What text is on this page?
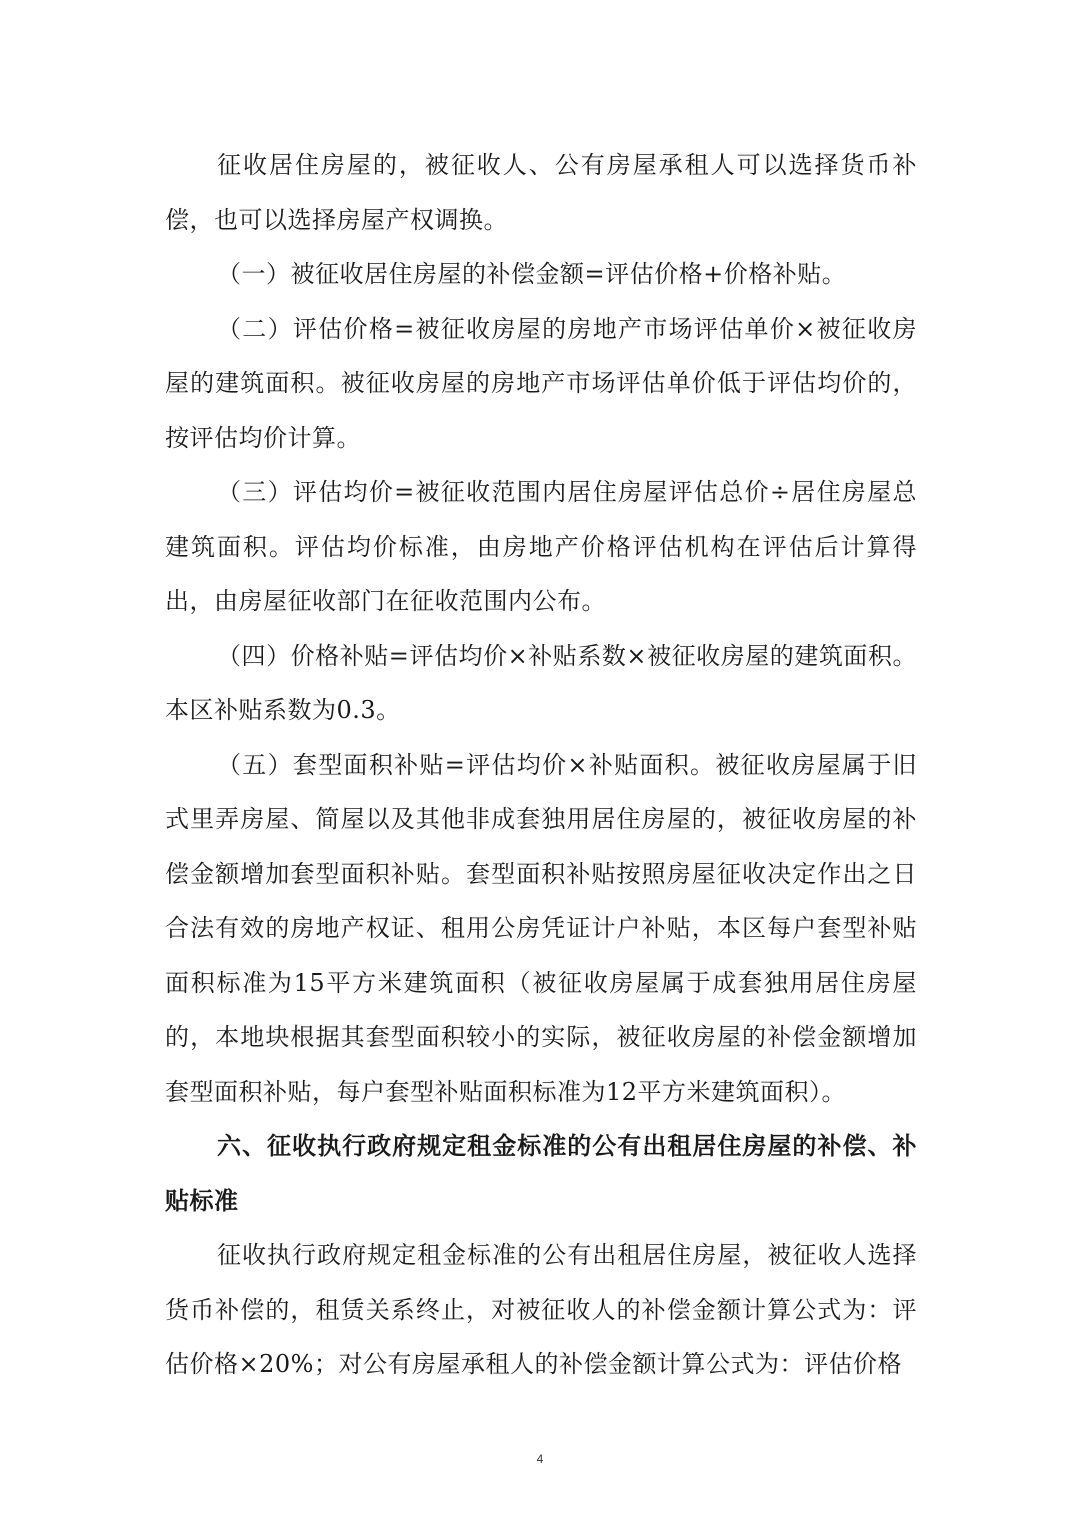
征收居住房屋的，被征收人、公有房屋承租人可以选择货币补偿，也可以选择房屋产权调换。

（一）被征收居住房屋的补偿金额=评估价格+价格补贴。

（二）评估价格=被征收房屋的房地产市场评估单价×被征收房屋的建筑面积。被征收房屋的房地产市场评估单价低于评估均价的，按评估均价计算。

（三）评估均价=被征收范围内居住房屋评估总价÷居住房屋总建筑面积。评估均价标准，由房地产价格评估机构在评估后计算得出，由房屋征收部门在征收范围内公布。

（四）价格补贴=评估均价×补贴系数×被征收房屋的建筑面积。本区补贴系数为0.3。

（五）套型面积补贴=评估均价×补贴面积。被征收房屋属于旧式里弄房屋、简屋以及其他非成套独用居住房屋的，被征收房屋的补偿金额增加套型面积补贴。套型面积补贴按照房屋征收决定作出之日合法有效的房地产权证、租用公房凭证计户补贴，本区每户套型补贴面积标准为15平方米建筑面积（被征收房屋属于成套独用居住房屋的，本地块根据其套型面积较小的实际，被征收房屋的补偿金额增加套型面积补贴，每户套型补贴面积标准为12平方米建筑面积）。

六、征收执行政府规定租金标准的公有出租居住房屋的补偿、补贴标准

征收执行政府规定租金标准的公有出租居住房屋，被征收人选择货币补偿的，租赁关系终止，对被征收人的补偿金额计算公式为：评估价格×20%；对公有房屋承租人的补偿金额计算公式为：评估价格

4
